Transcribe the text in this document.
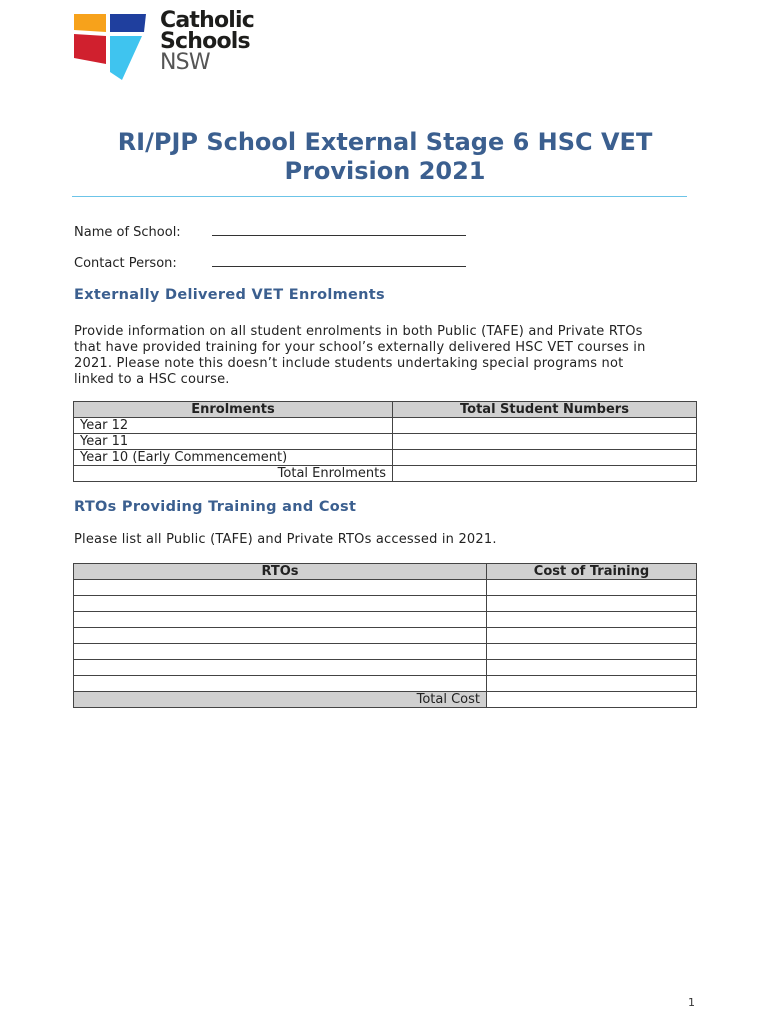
Catholic
Schools
NSW
RI/PJP School External Stage 6 HSC VET
Provision 2021
Name of School:
Contact Person:
Externally Delivered VET Enrolments
Provide information on all student enrolments in both Public (TAFE) and Private RTOs
that have provided training for your school’s externally delivered HSC VET courses in
2021. Please note this doesn’t include students undertaking special programs not
linked to a HSC course.
Enrolments	Total Student Numbers
Year 12	
Year 11	
Year 10 (Early Commencement)	
Total Enrolments	
RTOs Providing Training and Cost
Please list all Public (TAFE) and Private RTOs accessed in 2021.
RTOs	Cost of Training

Total Cost	
1
